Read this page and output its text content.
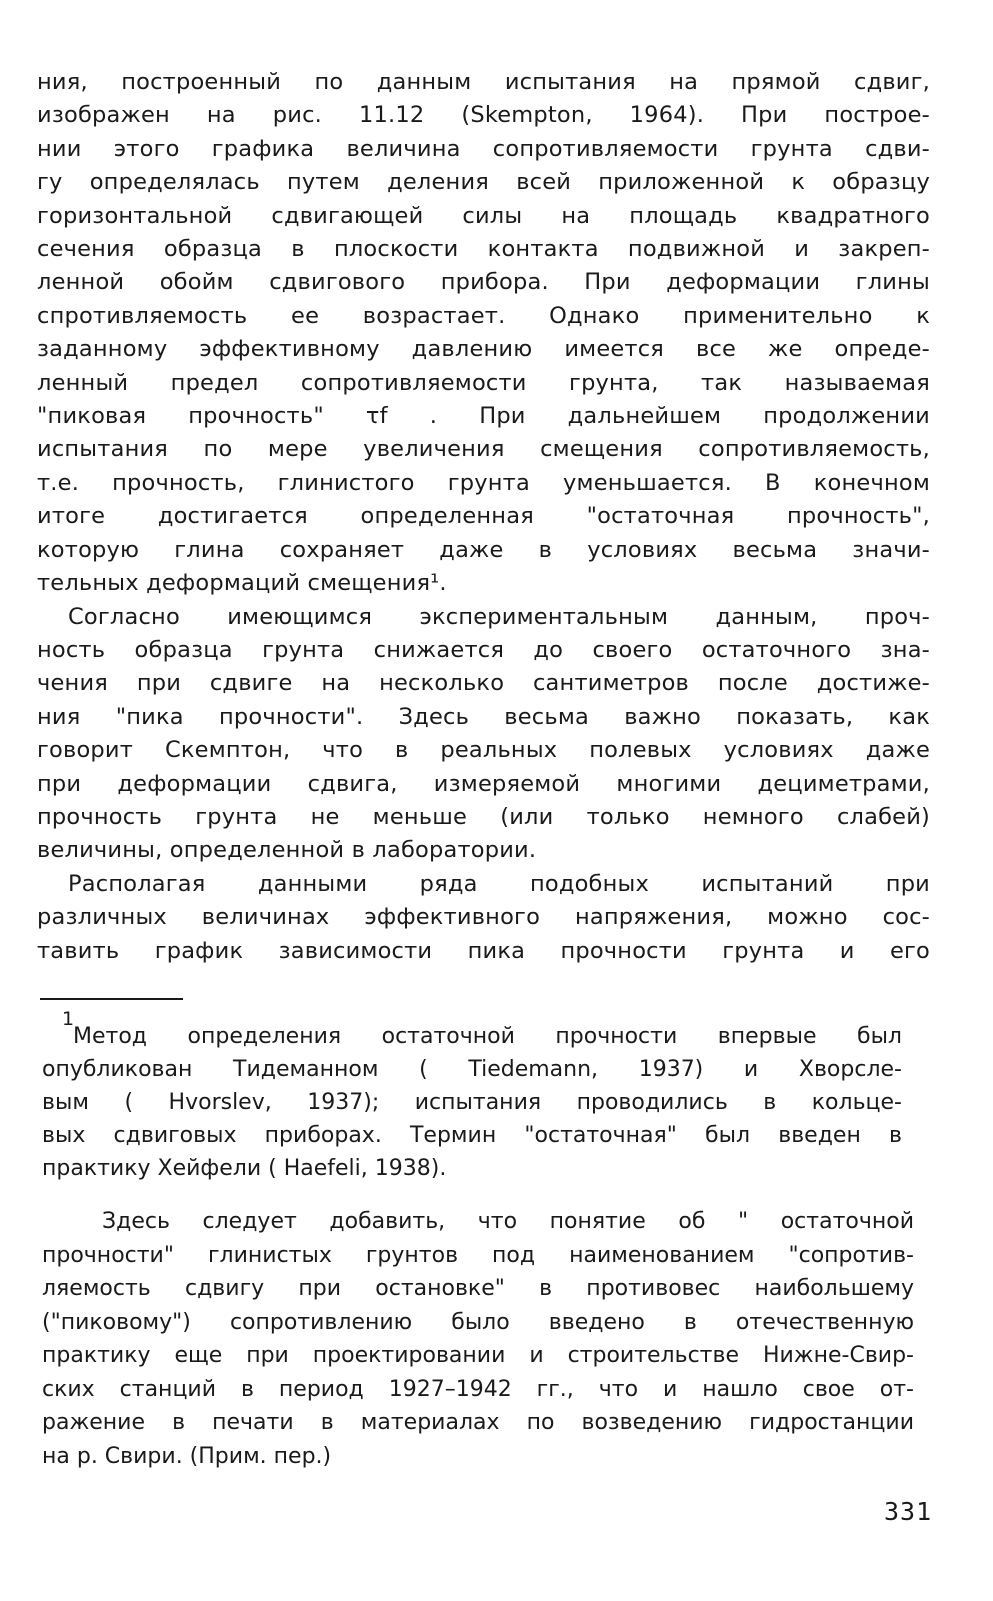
ния, построенный по данным испытания на прямой сдвиг,
изображен на рис. 11.12 (Skempton, 1964). При построе-
нии этого графика величина сопротивляемости грунта сдви-
гу определялась путем деления всей приложенной к образцу
горизонтальной сдвигающей силы на площадь квадратного
сечения образца в плоскости контакта подвижной и закреп-
ленной обойм сдвигового прибора. При деформации глины
спротивляемость ее возрастает. Однако применительно к
заданному эффективному давлению имеется все же опреде-
ленный предел сопротивляемости грунта, так называемая
"пиковая прочность" τf . При дальнейшем продолжении
испытания по мере увеличения смещения сопротивляемость,
т.е. прочность, глинистого грунта уменьшается. В конечном
итоге достигается определенная "остаточная прочность",
которую глина сохраняет даже в условиях весьма значи-
тельных деформаций смещения¹.

Согласно имеющимся экспериментальным данным, проч-
ность образца грунта снижается до своего остаточного зна-
чения при сдвиге на несколько сантиметров после достиже-
ния "пика прочности". Здесь весьма важно показать, как
говорит Скемптон, что в реальных полевых условиях даже
при деформации сдвига, измеряемой многими дециметрами,
прочность грунта не меньше (или только немного слабей)
величины, определенной в лаборатории.

Располагая данными ряда подобных испытаний при
различных величинах эффективного напряжения, можно сос-
тавить график зависимости пика прочности грунта и его

1

Метод определения остаточной прочности впервые был
опубликован Тидеманном ( Tiedemann, 1937) и Хворсле-
вым ( Hvorslev, 1937); испытания проводились в кольце-
вых сдвиговых приборах. Термин "остаточная" был введен в
практику Хейфели ( Haefeli, 1938).

Здесь следует добавить, что понятие об " остаточной
прочности" глинистых грунтов под наименованием "сопротив-
ляемость сдвигу при остановке" в противовес наибольшему
("пиковому") сопротивлению было введено в отечественную
практику еще при проектировании и строительстве Нижне-Свир-
ских станций в период 1927–1942 гг., что и нашло свое от-
ражение в печати в материалах по возведению гидростанции
на р. Свири. (Прим. пер.)

331
